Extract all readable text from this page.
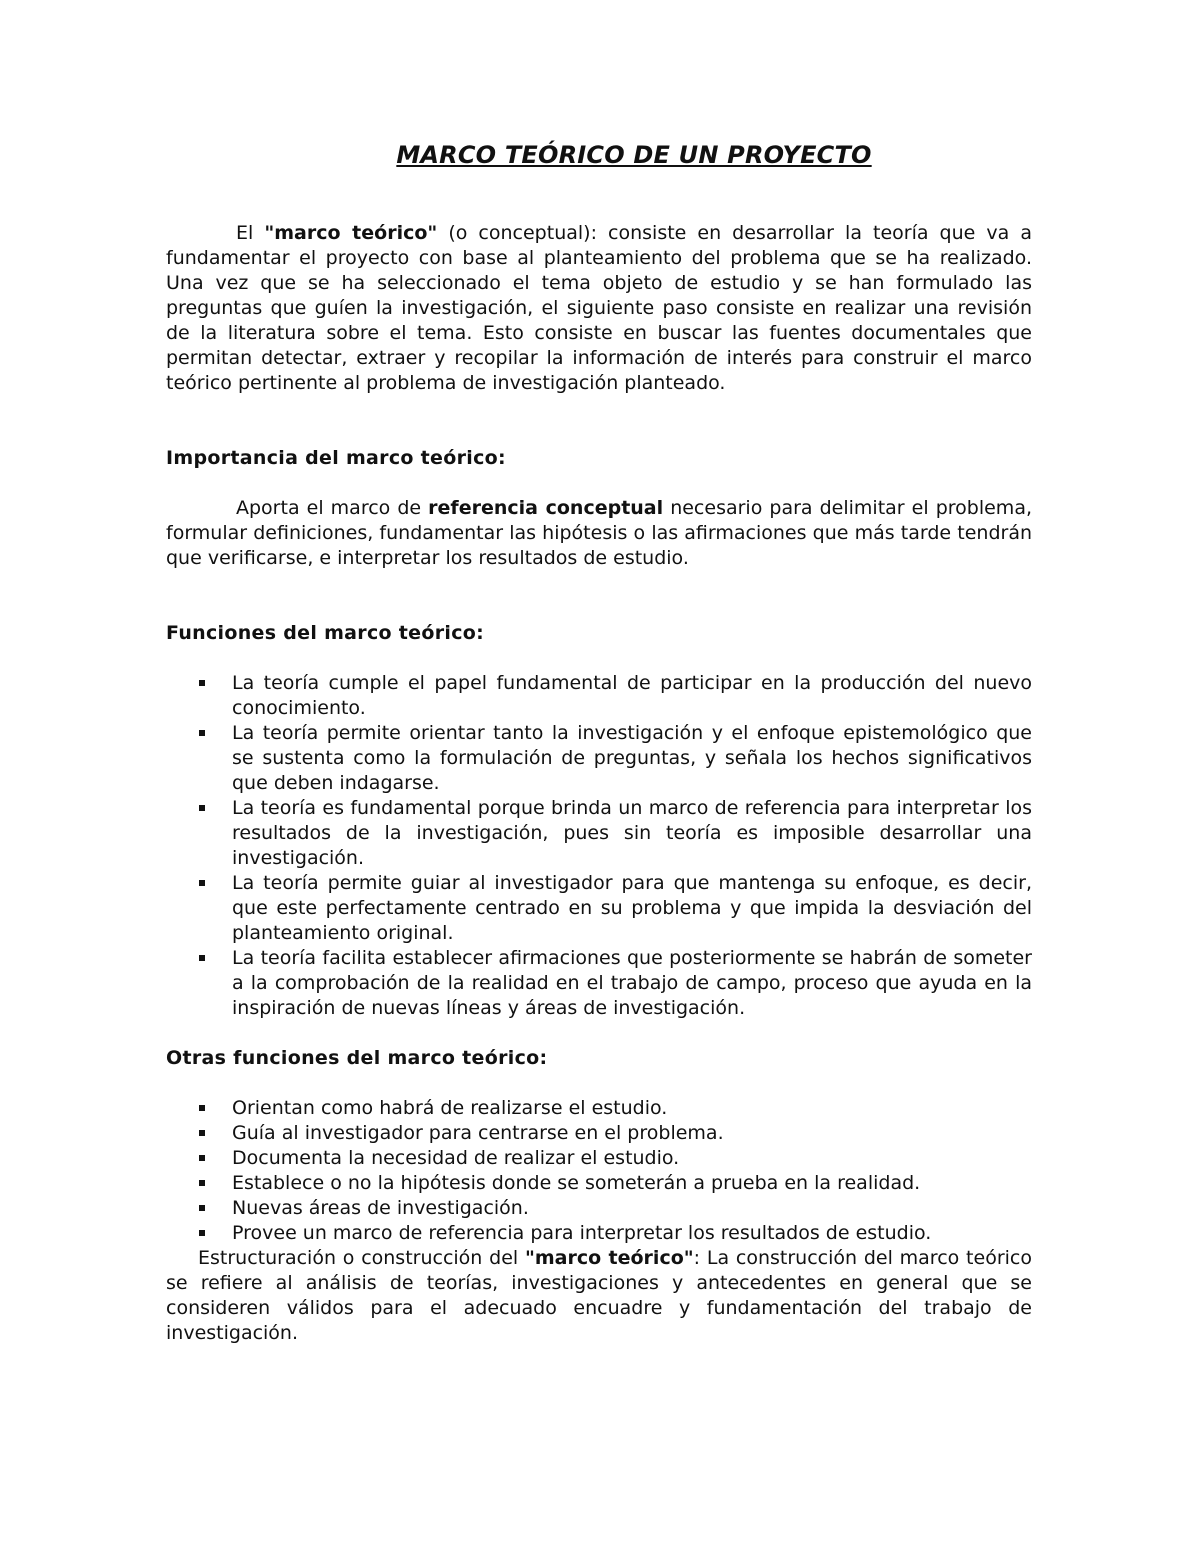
MARCO TEÓRICO DE UN PROYECTO

El "marco teórico" (o conceptual): consiste en desarrollar la teoría que va a fundamentar el proyecto con base al planteamiento del problema que se ha realizado. Una vez que se ha seleccionado el tema objeto de estudio y se han formulado las preguntas que guíen la investigación, el siguiente paso consiste en realizar una revisión de la literatura sobre el tema. Esto consiste en buscar las fuentes documentales que permitan detectar, extraer y recopilar la información de interés para construir el marco teórico pertinente al problema de investigación planteado.

Importancia del marco teórico:

Aporta el marco de referencia conceptual necesario para delimitar el problema, formular definiciones, fundamentar las hipótesis o las afirmaciones que más tarde tendrán que verificarse, e interpretar los resultados de estudio.

Funciones del marco teórico:
La teoría cumple el papel fundamental de participar en la producción del nuevo conocimiento.
La teoría permite orientar tanto la investigación y el enfoque epistemológico que se sustenta como la formulación de preguntas, y señala los hechos significativos que deben indagarse.
La teoría es fundamental porque brinda un marco de referencia para interpretar los resultados de la investigación, pues sin teoría es imposible desarrollar una investigación.
La teoría permite guiar al investigador para que mantenga su enfoque, es decir, que este perfectamente centrado en su problema y que impida la desviación del planteamiento original.
La teoría facilita establecer afirmaciones que posteriormente se habrán de someter a la comprobación de la realidad en el trabajo de campo, proceso que ayuda en la inspiración de nuevas líneas y áreas de investigación.
Otras funciones del marco teórico:
Orientan como habrá de realizarse el estudio.
Guía al investigador para centrarse en el problema.
Documenta la necesidad de realizar el estudio.
Establece o no la hipótesis donde se someterán a prueba en la realidad.
Nuevas áreas de investigación.
Provee un marco de referencia para interpretar los resultados de estudio.

Estructuración o construcción del "marco teórico": La construcción del marco teórico se refiere al análisis de teorías, investigaciones y antecedentes en general que se consideren válidos para el adecuado encuadre y fundamentación del trabajo de investigación.
